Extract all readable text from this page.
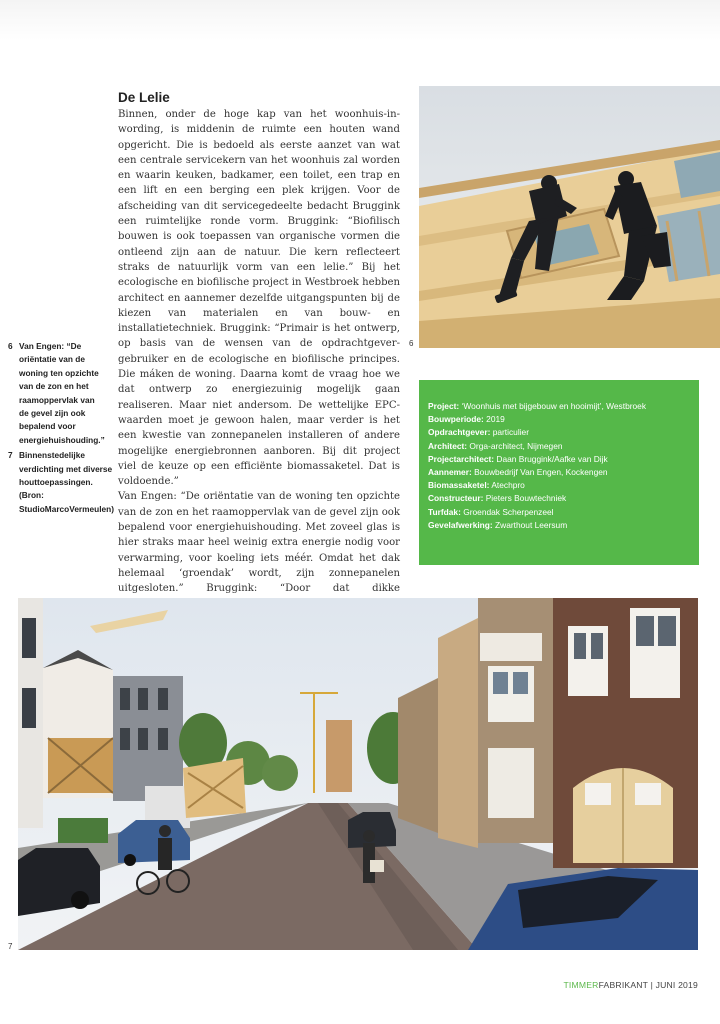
De Lelie

Binnen, onder de hoge kap van het woonhuis-in-wording, is middenin de ruimte een houten wand opgericht. Die is bedoeld als eerste aanzet van wat een centrale servicekern van het woonhuis zal worden en waarin keuken, badkamer, een toilet, een trap en een lift en een berging een plek krijgen. Voor de afscheiding van dit servicegedeelte bedacht Bruggink een ruimtelijke ronde vorm. Bruggink: “Biofilisch bouwen is ook toepassen van organische vormen die ontleend zijn aan de natuur. Die kern reflecteert straks de natuurlijk vorm van een lelie.” Bij het ecologische en biofilische project in Westbroek hebben architect en aannemer dezelfde uitgangspunten bij de kiezen van materialen en van bouw- en installatietechniek. Bruggink: “Primair is het ontwerp, op basis van de wensen van de opdrachtgever-gebruiker en de ecologische en biofilische principes. Die máken de woning. Daarna komt de vraag hoe we dat ontwerp zo energiezuinig mogelijk gaan realiseren. Maar niet andersom. De wettelijke EPC-waarden moet je gewoon halen, maar verder is het een kwestie van zonnepanelen installeren of andere mogelijke energiebronnen aanboren. Bij dit project viel de keuze op een efficiënte biomassaketel. Dat is voldoende.”

Van Engen: “De oriëntatie van de woning ten opzichte van de zon en het raamoppervlak van de gevel zijn ook bepalend voor energiehuishouding. Met zoveel glas is hier straks maar heel weinig extra energie nodig voor verwarming, voor koeling iets méér. Omdat het dak helemaal ‘groendak’ wordt, zijn zonnepanelen uitgesloten.” Bruggink: “Door dat dikke

6 Van Engen: “De oriëntatie van de woning ten opzichte van de zon en het raamoppervlak van de gevel zijn ook bepalend voor energiehuishouding.”
7 Binnenstedelijke verdichting met diverse houttoepassingen. (Bron: StudioMarcoVermeulen)
6
Project: ‘Woonhuis met bijgebouw en hooimijt’, Westbroek
Bouwperiode: 2019
Opdrachtgever: particulier
Architect: Orga-architect, Nijmegen
Projectarchitect: Daan Bruggink/Aafke van Dijk
Aannemer: Bouwbedrijf Van Engen, Kockengen
Biomassaketel: Atechpro
Constructeur: Pieters Bouwtechniek
Turfdak: Groendak Scherpenzeel
Gevelafwerking: Zwarthout Leersum
7
TIMMERFABRIKANT | JUNI 2019
